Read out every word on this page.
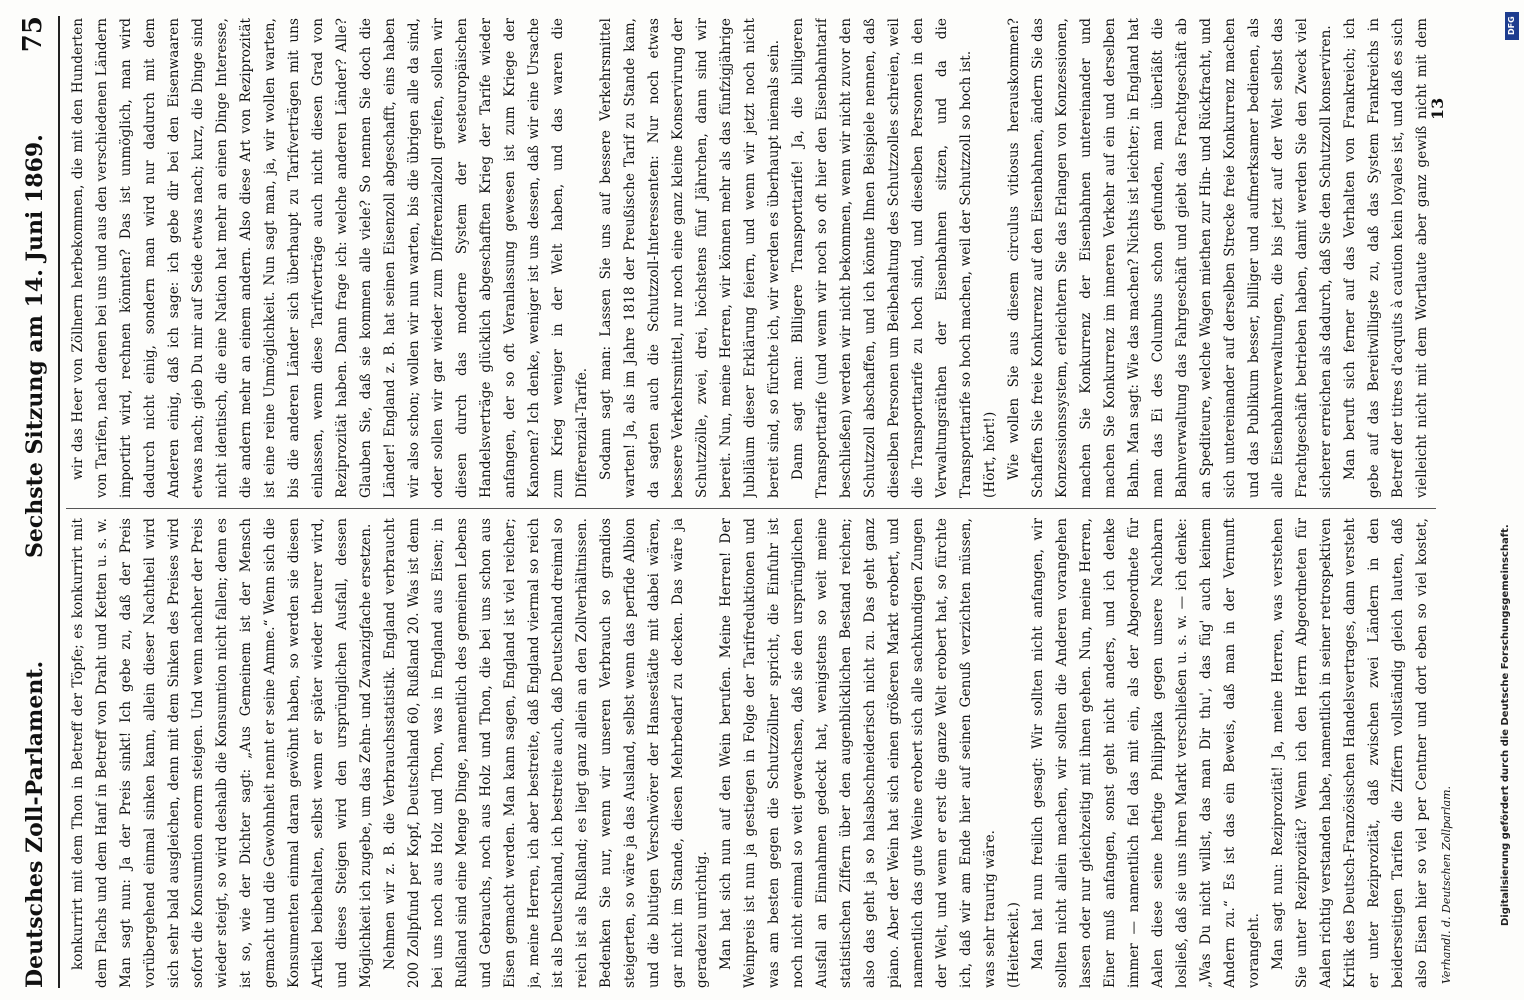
Deutsches Zoll-Parlament.
Sechste Sitzung am 14. Juni 1869.
75

konkurrirt mit dem Thon in Betreff der Töpfe; es konkurrirt mit dem Flachs und dem Hanf in Betreff von Draht und Ketten u. s. w. Man sagt nun: Ja der Preis sinkt! Ich gebe zu, daß der Preis vorübergehend einmal sinken kann, allein dieser Nachtheil wird sich sehr bald ausgleichen, denn mit dem Sinken des Preises wird sofort die Konsumtion enorm steigen. Und wenn nachher der Preis wieder steigt, so wird deshalb die Konsumtion nicht fallen; denn es ist so, wie der Dichter sagt: „Aus Gemeinem ist der Mensch gemacht und die Gewohnheit nennt er seine Amme.“ Wenn sich die Konsumenten einmal daran gewöhnt haben, so werden sie diesen Artikel beibehalten, selbst wenn er später wieder theurer wird, und dieses Steigen wird den ursprünglichen Ausfall, dessen Möglichkeit ich zugebe, um das Zehn- und Zwanzigfache ersetzen. Nehmen wir z. B. die Verbrauchsstatistik. England verbraucht 200 Zollpfund per Kopf, Deutschland 60, Rußland 20. Was ist denn bei uns noch aus Holz und Thon, was in England aus Eisen; in Rußland sind eine Menge Dinge, namentlich des gemeinen Lebens und Gebrauchs, noch aus Holz und Thon, die bei uns schon aus Eisen gemacht werden. Man kann sagen, England ist viel reicher; ja, meine Herren, ich aber bestreite, daß England viermal so reich ist als Deutschland, ich bestreite auch, daß Deutschland dreimal so reich ist als Rußland; es liegt ganz allein an den Zollverhältnissen. Bedenken Sie nur, wenn wir unseren Verbrauch so grandios steigerten, so wäre ja das Ausland, selbst wenn das perfide Albion und die blutigen Verschwörer der Hansestädte mit dabei wären, gar nicht im Stande, diesen Mehrbedarf zu decken. Das wäre ja geradezu unrichtig. Man hat sich nun auf den Wein berufen. Meine Herren! Der Weinpreis ist nun ja gestiegen in Folge der Tarifreduktionen und was am besten gegen die Schutzzöllner spricht, die Einfuhr ist noch nicht einmal so weit gewachsen, daß sie den ursprünglichen Ausfall an Einnahmen gedeckt hat, wenigstens so weit meine statistischen Ziffern über den augenblicklichen Bestand reichen; also das geht ja so halsabschneiderisch nicht zu. Das geht ganz piano. Aber der Wein hat sich einen größeren Markt erobert, und namentlich das gute Weine erobert sich alle sachkundigen Zungen der Welt, und wenn er erst die ganze Welt erobert hat, so fürchte ich, daß wir am Ende hier auf seinen Genuß verzichten müssen, was sehr traurig wäre. (Heiterkeit.) Man hat nun freilich gesagt: Wir sollten nicht anfangen, wir sollten nicht allein machen, wir sollten die Anderen vorangehen lassen oder nur gleichzeitig mit ihnen gehen. Nun, meine Herren, Einer muß anfangen, sonst geht nicht anders, und ich denke immer — namentlich fiel das mit ein, als der Abgeordnete für Aalen diese seine heftige Philippika gegen unsere Nachbarn losließ, daß sie uns ihren Markt verschließen u. s. w. — ich denke: „Was Du nicht willst, das man Dir thu', das füg' auch keinem Andern zu.“ Es ist das ein Beweis, daß man in der Vernunft vorangeht. Man sagt nun: Reziprozität! Ja, meine Herren, was verstehen Sie unter Reziprozität? Wenn ich den Herrn Abgeordneten für Aalen richtig verstanden habe, namentlich in seiner retrospektiven Kritik des Deutsch-Französischen Handelsvertrages, dann versteht er unter Reziprozität, daß zwischen zwei Ländern in den beiderseitigen Tarifen die Ziffern vollständig gleich lauten, daß also Eisen hier so viel per Centner und dort eben so viel kostet,

wir das Heer von Zöllnern herbekommen, die mit den Hunderten von Tarifen, nach denen bei uns und aus den verschiedenen Ländern importirt wird, rechnen könnten? Das ist unmöglich, man wird dadurch nicht einig, sondern man wird nur dadurch mit dem Anderen einig, daß ich sage: ich gebe dir bei den Eisenwaaren etwas nach; gieb Du mir auf Seide etwas nach; kurz, die Dinge sind nicht identisch, die eine Nation hat mehr an einen Dinge Interesse, die andern mehr an einem andern. Also diese Art von Reziprozität ist eine reine Unmöglichkeit. Nun sagt man, ja, wir wollen warten, bis die anderen Länder sich überhaupt zu Tarifverträgen mit uns einlassen, wenn diese Tarifverträge auch nicht diesen Grad von Reziprozität haben. Dann frage ich: welche anderen Länder? Alle? Glauben Sie, daß sie kommen alle viele? So nennen Sie doch die Länder! England z. B. hat seinen Eisenzoll abgeschafft, eins haben wir also schon; wollen wir nun warten, bis die übrigen alle da sind, oder sollen wir gar wieder zum Differenzialzoll greifen, sollen wir diesen durch das moderne System der westeuropäischen Handelsverträge glücklich abgeschafften Krieg der Tarife wieder anfangen, der so oft Veranlassung gewesen ist zum Kriege der Kanonen? Ich denke, weniger ist uns dessen, daß wir eine Ursache zum Krieg weniger in der Welt haben, und das waren die Differenzial-Tarife. Sodann sagt man: Lassen Sie uns auf bessere Verkehrsmittel warten! Ja, als im Jahre 1818 der Preußische Tarif zu Stande kam, da sagten auch die Schutzzoll-Interessenten: Nur noch etwas bessere Verkehrsmittel, nur noch eine ganz kleine Konservirung der Schutzzölle, zwei, drei, höchstens fünf Jährchen, dann sind wir bereit. Nun, meine Herren, wir können mehr als das fünfzigjährige Jubiläum dieser Erklärung feiern, und wenn wir jetzt noch nicht bereit sind, so fürchte ich, wir werden es überhaupt niemals sein. Dann sagt man: Billigere Transporttarife! Ja, die billigeren Transporttarife (und wenn wir noch so oft hier den Eisenbahntarif beschließen) werden wir nicht bekommen, wenn wir nicht zuvor den Schutzzoll abschaffen, und ich könnte Ihnen Beispiele nennen, daß dieselben Personen um Beibehaltung des Schutzzolles schreien, weil die Transporttarife zu hoch sind, und dieselben Personen in den Verwaltungsräthen der Eisenbahnen sitzen, und da die Transporttarife so hoch machen, weil der Schutzzoll so hoch ist. (Hört, hört!) Wie wollen Sie aus diesem circulus vitiosus herauskommen? Schaffen Sie freie Konkurrenz auf den Eisenbahnen, ändern Sie das Konzessionssystem, erleichtern Sie das Erlangen von Konzessionen, machen Sie Konkurrenz der Eisenbahnen untereinander und machen Sie Konkurrenz im inneren Verkehr auf ein und derselben Bahn. Man sagt: Wie das machen? Nichts ist leichter; in England hat man das Ei des Columbus schon gefunden, man überläßt die Bahnverwaltung das Fahrgeschäft und giebt das Frachtgeschäft ab an Spediteure, welche Wagen miethen zur Hin- und Rückfracht, und sich untereinander auf derselben Strecke freie Konkurrenz machen und das Publikum besser, billiger und aufmerksamer bedienen, als alle Eisenbahnverwaltungen, die bis jetzt auf der Welt selbst das Frachtgeschäft betrieben haben, damit werden Sie den Zweck viel sicherer erreichen als dadurch, daß Sie den Schutzzoll konserviren. Man beruft sich ferner auf das Verhalten von Frankreich; ich gebe auf das Bereitwilligste zu, daß das System Frankreichs in Betreff der titres d'acquits à caution kein loyales ist, und daß es sich vielleicht nicht mit dem Wortlaute aber ganz gewiß nicht mit dem

Verhandl. d. Deutschen Zollparlam.
13
DFG
Digitalisierung gefördert durch die Deutsche Forschungsgemeinschaft.
